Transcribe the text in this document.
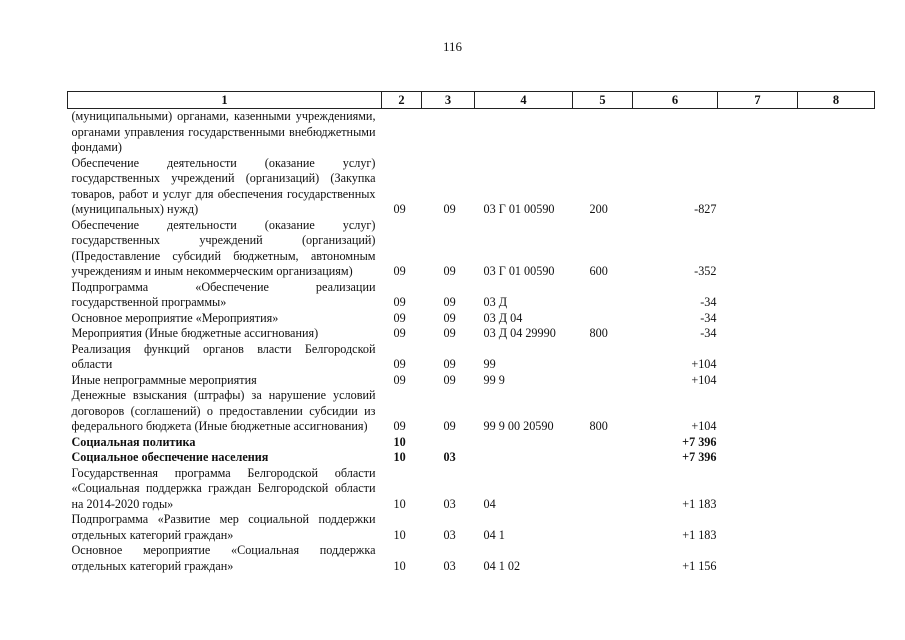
116
1	2	3	4	5	6	7	8
(муниципальными) органами, казенными учреждениями, органами управления государственными внебюджетными фондами)							
Обеспечение деятельности (оказание услуг) государственных учреждений (организаций) (Закупка товаров, работ и услуг для обеспечения государственных (муниципальных) нужд)	09	09	03 Г 01 00590	200	-827		
Обеспечение деятельности (оказание услуг) государственных учреждений (организаций) (Предоставление субсидий бюджетным, автономным учреждениям и иным некоммерческим организациям)	09	09	03 Г 01 00590	600	-352		
Подпрограмма «Обеспечение реализации государственной программы»	09	09	03 Д		-34		
Основное мероприятие «Мероприятия»	09	09	03 Д 04		-34		
Мероприятия (Иные бюджетные ассигнования)	09	09	03 Д 04 29990	800	-34		
Реализация функций органов власти Белгородской области	09	09	99		+104		
Иные непрограммные мероприятия	09	09	99 9		+104		
Денежные взыскания (штрафы) за нарушение условий договоров (соглашений) о предоставлении субсидии из федерального бюджета (Иные бюджетные ассигнования)	09	09	99 9 00 20590	800	+104		
Социальная политика	10				+7 396		
Социальное обеспечение населения	10	03			+7 396		
Государственная программа Белгородской области «Социальная поддержка граждан Белгородской области на 2014-2020 годы»	10	03	04		+1 183		
Подпрограмма «Развитие мер социальной поддержки отдельных категорий граждан»	10	03	04 1		+1 183		
Основное мероприятие «Социальная поддержка отдельных категорий граждан»	10	03	04 1 02		+1 156		
